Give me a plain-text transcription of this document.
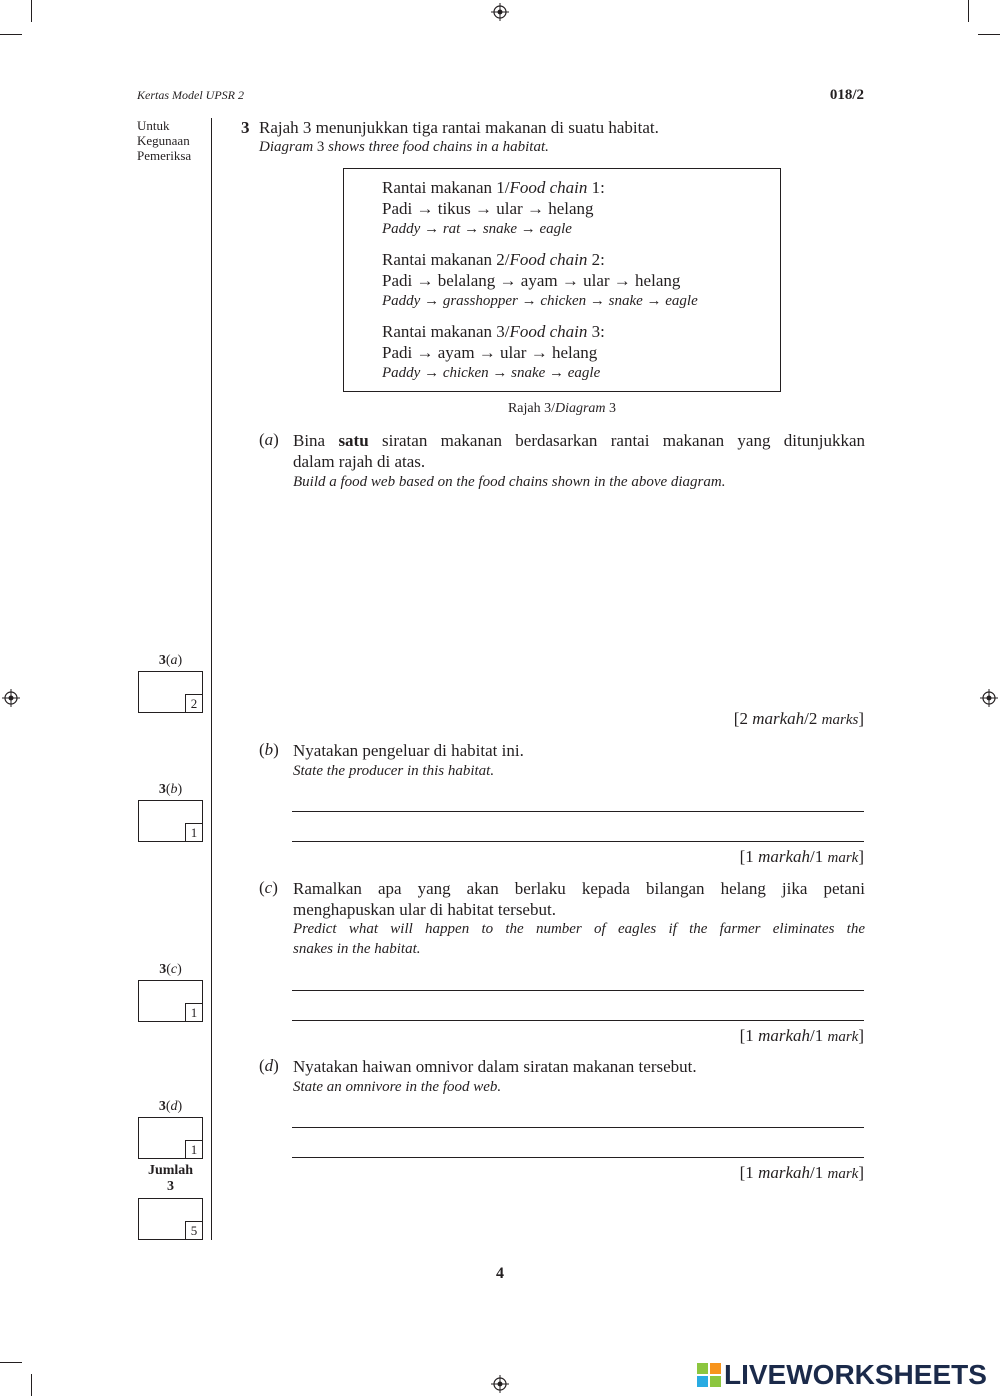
Kertas Model UPSR 2	018/2
Untuk
Kegunaan
Pemeriksa
3 Rajah 3 menunjukkan tiga rantai makanan di suatu habitat.
Diagram 3 shows three food chains in a habitat.
Rantai makanan 1/Food chain 1:
Padi → tikus → ular → helang
Paddy → rat → snake → eagle
Rantai makanan 2/Food chain 2:
Padi → belalang → ayam → ular → helang
Paddy → grasshopper → chicken → snake → eagle
Rantai makanan 3/Food chain 3:
Padi → ayam → ular → helang
Paddy → chicken → snake → eagle
Rajah 3/Diagram 3
(a) Bina satu siratan makanan berdasarkan rantai makanan yang ditunjukkan
dalam rajah di atas.
Build a food web based on the food chains shown in the above diagram.
[2 markah/2 marks]
(b) Nyatakan pengeluar di habitat ini.
State the producer in this habitat.
[1 markah/1 mark]
(c) Ramalkan apa yang akan berlaku kepada bilangan helang jika petani
menghapuskan ular di habitat tersebut.
Predict what will happen to the number of eagles if the farmer eliminates the
snakes in the habitat.
[1 markah/1 mark]
(d) Nyatakan haiwan omnivor dalam siratan makanan tersebut.
State an omnivore in the food web.
[1 markah/1 mark]
3(a)
2
3(b)
1
3(c)
1
3(d)
1
Jumlah
3
5
4
LIVEWORKSHEETS
